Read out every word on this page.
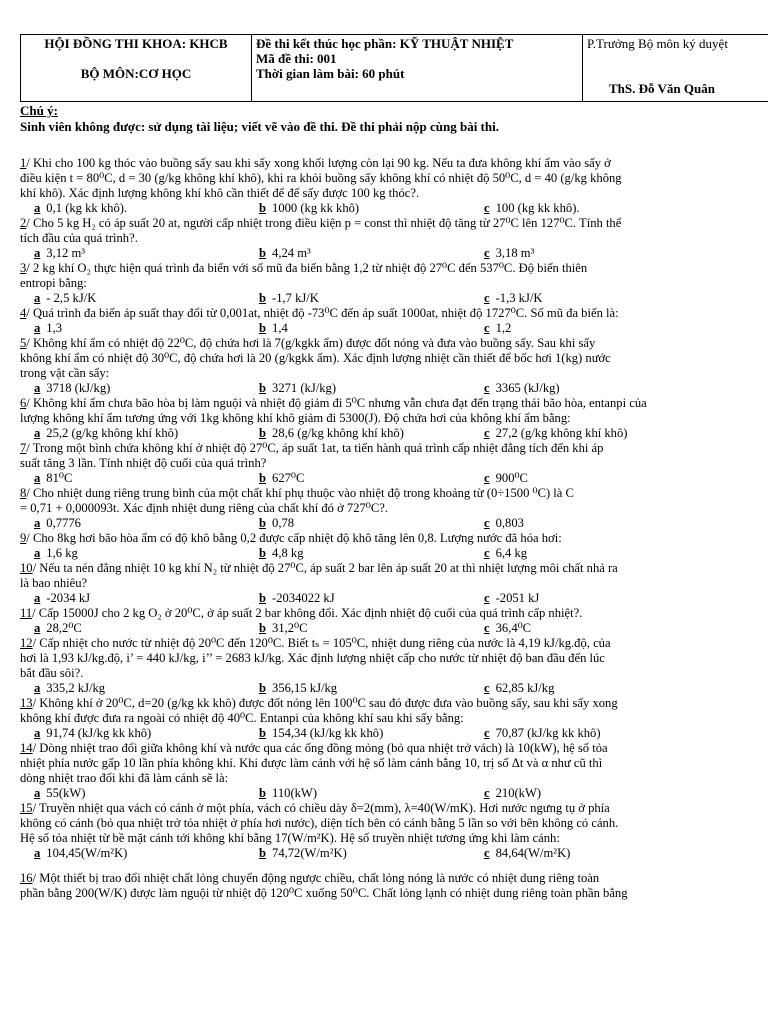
HỘI ĐỒNG THI KHOA: KHCB
BỘ MÔN:CƠ HỌC

Đề thi kết thúc học phần: KỸ THUẬT NHIỆT
Mã đề thi: 001
Thời gian làm bài: 60 phút

P.Trưởng Bộ môn ký duyệt
ThS. Đỗ Văn Quân
Chú ý:
Sinh viên không được: sử dụng tài liệu; viết vẽ vào đề thi. Đề thi phải nộp cùng bài thi.
1/ Khi cho 100 kg thóc vào buồng sấy sau khi sấy xong khối lượng còn lại 90 kg. Nếu ta đưa không khí ẩm vào sấy ở
điều kiện t = 80⁰C, d = 30 (g/kg không khí khô), khi ra khỏi buồng sấy không khí có nhiệt độ 50⁰C, d = 40 (g/kg không
khí khô). Xác định lượng không khí khô cần thiết để để sấy được 100 kg thóc?.
a 0,1 (kg kk khô).	b 1000 (kg kk khô)	c 100 (kg kk khô).
2/ Cho 5 kg H₂ có áp suất 20 at, người cấp nhiệt trong điều kiện p = const thì nhiệt độ tăng từ 27⁰C lên 127⁰C. Tính thể
tích đầu của quá trình?.
a 3,12 m³	b 4,24 m³	c 3,18 m³
3/ 2 kg khí O₂ thực hiện quá trình đa biến với số mũ đa biến bằng 1,2 từ nhiệt độ 27⁰C đến 537⁰C. Độ biến thiên
entropi bằng:
a - 2,5 kJ/K	b -1,7 kJ/K	c -1,3 kJ/K
4/ Quá trình đa biến áp suất thay đổi từ 0,001at, nhiệt độ -73⁰C đến áp suất 1000at, nhiệt độ 1727⁰C. Số mũ đa biến là:
a 1,3	b 1,4	c 1,2
5/ Không khí ẩm có nhiệt độ 22⁰C, độ chứa hơi là 7(g/kgkk ẩm) được đốt nóng và đưa vào buồng sấy. Sau khi sấy
không khí ẩm có nhiệt độ 30⁰C, độ chứa hơi là 20 (g/kgkk ẩm). Xác định lượng nhiệt cần thiết để bốc hơi 1(kg) nước
trong vật cần sấy:
a 3718 (kJ/kg)	b 3271 (kJ/kg)	c 3365 (kJ/kg)
6/ Không khí ẩm chưa bão hòa bị làm nguội và nhiệt độ giảm đi 5⁰C nhưng vẫn chưa đạt đến trạng thái bão hòa, entanpi của
lượng không khí ẩm tương ứng với 1kg không khí khô giảm đi 5300(J). Độ chứa hơi của không khí ẩm bằng:
a 25,2 (g/kg không khí khô)	b 28,6 (g/kg không khí khô)	c 27,2 (g/kg không khí khô)
7/ Trong một bình chứa không khí ở nhiệt độ 27⁰C, áp suất 1at, ta tiến hành quá trình cấp nhiệt đẳng tích đến khi áp
suất tăng 3 lần. Tính nhiệt độ cuối của quá trình?
a 81⁰C	b 627⁰C	c 900⁰C
8/ Cho nhiệt dung riêng trung bình của một chất khí phụ thuộc vào nhiệt độ trong khoảng từ (0÷1500 ⁰C) là C
= 0,71 + 0,000093t. Xác định nhiệt dung riêng của chất khí đó ở 727⁰C?.
a 0,7776	b 0,78	c 0,803
9/ Cho 8kg hơi bão hòa ẩm có độ khô bằng 0,2 được cấp nhiệt độ khô tăng lên 0,8. Lượng nước đã hóa hơi:
a 1,6 kg	b 4,8 kg	c 6,4 kg
10/ Nếu ta nén đẳng nhiệt 10 kg khí N₂ từ nhiệt độ 27⁰C, áp suất 2 bar lên áp suất 20 at thì nhiệt lượng môi chất nhả ra
là bao nhiêu?
a -2034 kJ	b -2034022 kJ	c -2051 kJ
11/ Cấp 15000J cho 2 kg O₂ ở 20⁰C, ở áp suất 2 bar không đổi. Xác định nhiệt độ cuối của quá trình cấp nhiệt?.
a 28,2⁰C	b 31,2⁰C	c 36,4⁰C
12/ Cấp nhiệt cho nước từ nhiệt độ 20⁰C đến 120⁰C. Biết tₛ = 105⁰C, nhiệt dung riêng của nước là 4,19 kJ/kg.độ, của
hơi là 1,93 kJ/kg.độ, i’ = 440 kJ/kg, i’’ = 2683 kJ/kg. Xác định lượng nhiệt cấp cho nước từ nhiệt độ ban đầu đến lúc
bắt đầu sôi?.
a 335,2 kJ/kg	b 356,15 kJ/kg	c 62,85 kJ/kg
13/ Không khí ở 20⁰C, d=20 (g/kg kk khô) được đốt nóng lên 100⁰C sau đó được đưa vào buồng sấy, sau khi sấy xong
không khí được đưa ra ngoài có nhiệt độ 40⁰C. Entanpi của không khí sau khi sấy bằng:
a 91,74 (kJ/kg kk khô)	b 154,34 (kJ/kg kk khô)	c 70,87 (kJ/kg kk khô)
14/ Dòng nhiệt trao đổi giữa không khí và nước qua các ống đồng mỏng (bỏ qua nhiệt trở vách) là 10(kW), hệ số tỏa
nhiệt phía nước gấp 10 lần phía không khí. Khi được làm cánh với hệ số làm cánh bằng 10, trị số Δt và α như cũ thì
dòng nhiệt trao đổi khi đã làm cánh sẽ là:
a 55(kW)	b 110(kW)	c 210(kW)
15/ Truyền nhiệt qua vách có cánh ở một phía, vách có chiều dày δ=2(mm), λ=40(W/mK). Hơi nước ngưng tụ ở phía
không có cánh (bỏ qua nhiệt trở tỏa nhiệt ở phía hơi nước), diện tích bên có cánh bằng 5 lần so với bên không có cánh.
Hệ số tỏa nhiệt từ bề mặt cánh tới không khí bằng 17(W/m²K). Hệ số truyền nhiệt tương ứng khi làm cánh:
a 104,45(W/m²K)	b 74,72(W/m²K)	c 84,64(W/m²K)
16/ Một thiết bị trao đổi nhiệt chất lỏng chuyển động ngược chiều, chất lỏng nóng là nước có nhiệt dung riêng toàn
phần bằng 200(W/K) được làm nguội từ nhiệt độ 120⁰C xuống 50⁰C. Chất lỏng lạnh có nhiệt dung riêng toàn phần bằng
